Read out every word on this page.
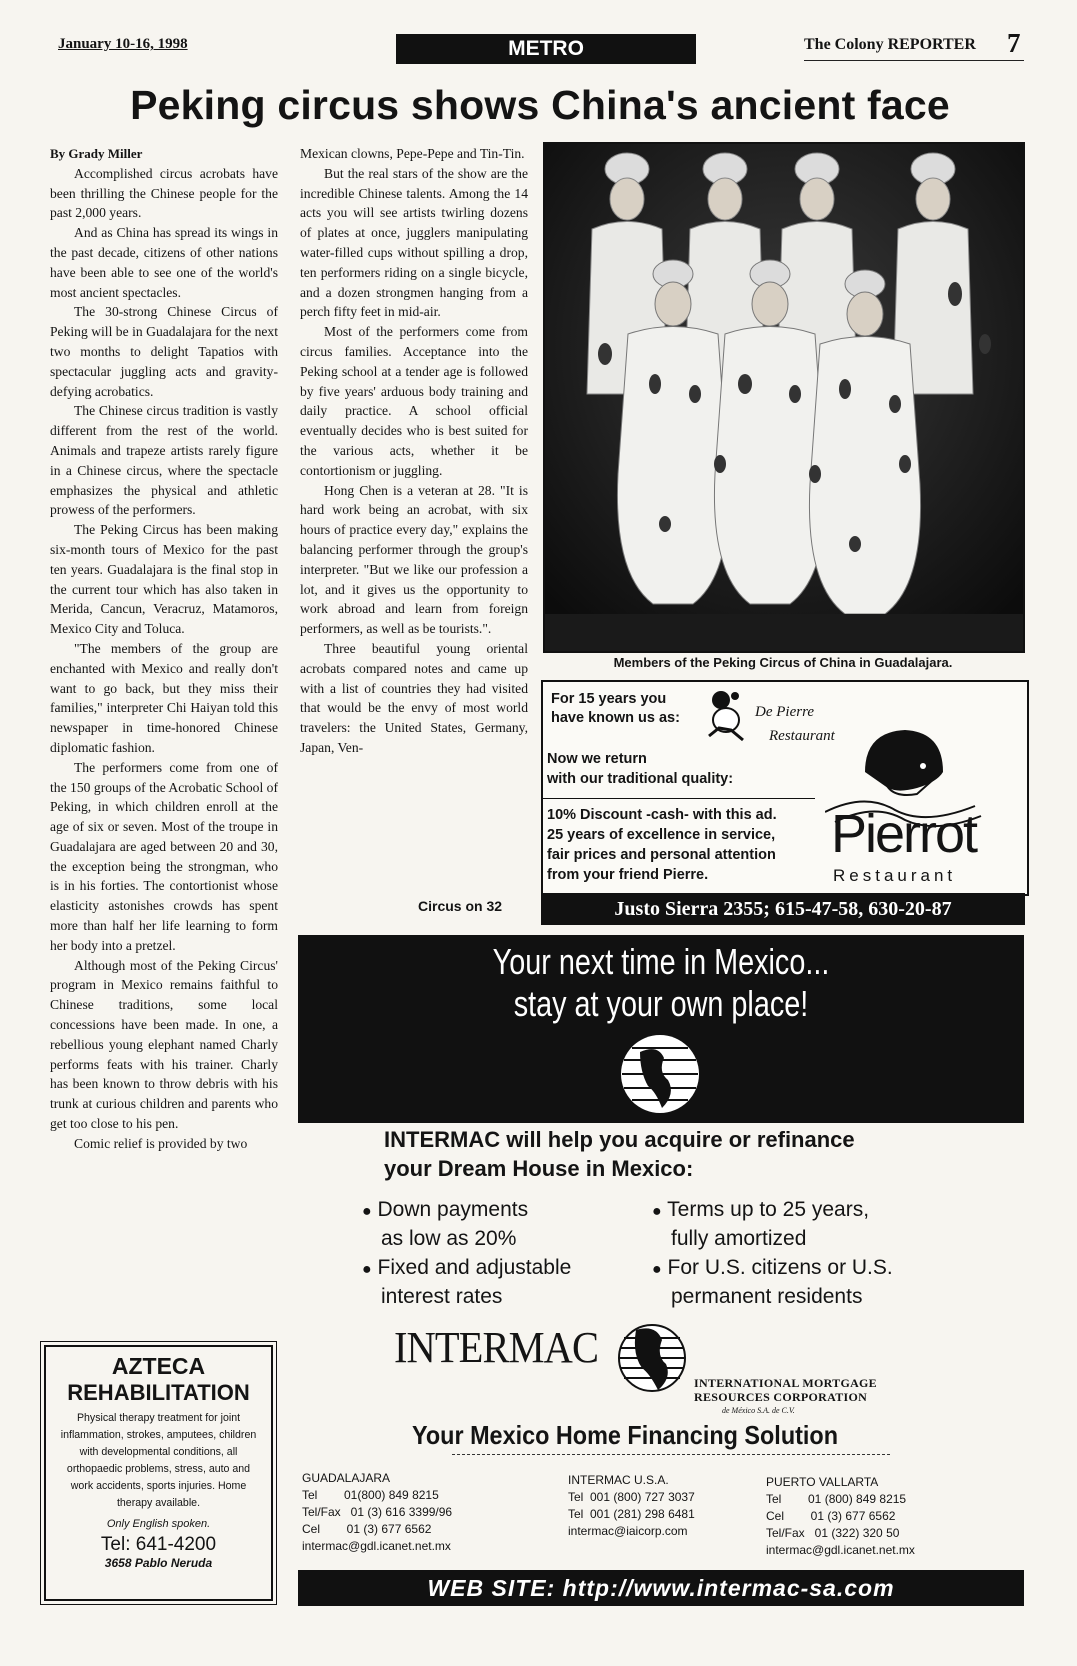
January 10-16, 1998	METRO	The Colony REPORTER 7
Peking circus shows China's ancient face

By Grady Miller

Accomplished circus acrobats have been thrilling the Chinese people for the past 2,000 years.

And as China has spread its wings in the past decade, citizens of other nations have been able to see one of the world's most ancient spectacles.

The 30-strong Chinese Circus of Peking will be in Guadalajara for the next two months to delight Tapatios with spectacular juggling acts and gravity-defying acrobatics.

The Chinese circus tradition is vastly different from the rest of the world. Animals and trapeze artists rarely figure in a Chinese circus, where the spectacle emphasizes the physical and athletic prowess of the performers.

The Peking Circus has been making six-month tours of Mexico for the past ten years. Guadalajara is the final stop in the current tour which has also taken in Merida, Cancun, Veracruz, Matamoros, Mexico City and Toluca.

"The members of the group are enchanted with Mexico and really don't want to go back, but they miss their families," interpreter Chi Haiyan told this newspaper in time-honored Chinese diplomatic fashion.

The performers come from one of the 150 groups of the Acrobatic School of Peking, in which children enroll at the age of six or seven. Most of the troupe in Guadalajara are aged between 20 and 30, the exception being the strongman, who is in his forties. The contortionist whose elasticity astonishes crowds has spent more than half her life learning to form her body into a pretzel.

Although most of the Peking Circus' program in Mexico remains faithful to Chinese traditions, some local concessions have been made. In one, a rebellious young elephant named Charly performs feats with his trainer. Charly has been known to throw debris with his trunk at curious children and parents who get too close to his pen.

Comic relief is provided by two

Mexican clowns, Pepe-Pepe and Tin-Tin.

But the real stars of the show are the incredible Chinese talents. Among the 14 acts you will see artists twirling dozens of plates at once, jugglers manipulating water-filled cups without spilling a drop, ten performers riding on a single bicycle, and a dozen strongmen hanging from a perch fifty feet in mid-air.

Most of the performers come from circus families. Acceptance into the Peking school at a tender age is followed by five years' arduous body training and daily practice. A school official eventually decides who is best suited for the various acts, whether it be contortionism or juggling.

Hong Chen is a veteran at 28. "It is hard work being an acrobat, with six hours of practice every day," explains the balancing performer through the group's interpreter. "But we like our profession a lot, and it gives us the opportunity to work abroad and learn from foreign performers, as well as be tourists.".

Three beautiful young oriental acrobats compared notes and came up with a list of countries they had visited that would be the envy of most world travelers: the United States, Germany, Japan, Ven-

Circus on 32
Members of the Peking Circus of China in Guadalajara.
For 15 years you
have known us as:	De Pierre
Restaurant
Now we return
with our traditional quality:
10% Discount -cash- with this ad.
25 years of excellence in service,
fair prices and personal attention
from your friend Pierre.
Pierrot
Restaurant
Justo Sierra 2355; 615-47-58, 630-20-87
AZTECA
REHABILITATION
Physical therapy treatment for joint inflammation, strokes, amputees, children with developmental conditions, all orthopaedic problems, stress, auto and work accidents, sports injuries. Home therapy available.
Only English spoken.
Tel: 641-4200
3658 Pablo Neruda
Your next time in Mexico...
stay at your own place!
INTERMAC will help you acquire or refinance
your Dream House in Mexico:
● Down payments
as low as 20%
● Fixed and adjustable
interest rates
● Terms up to 25 years,
fully amortized
● For U.S. citizens or U.S.
permanent residents
INTERMAC
INTERNATIONAL MORTGAGE
RESOURCES CORPORATION
de México S.A. de C.V.
Your Mexico Home Financing Solution
GUADALAJARA
Tel        01(800) 849 8215
Tel/Fax   01 (3) 616 3399/96
Cel        01 (3) 677 6562
intermac@gdl.icanet.net.mx
INTERMAC U.S.A.
Tel  001 (800) 727 3037
Tel  001 (281) 298 6481
intermac@iaicorp.com
PUERTO VALLARTA
Tel        01 (800) 849 8215
Cel        01 (3) 677 6562
Tel/Fax   01 (322) 320 50
intermac@gdl.icanet.net.mx
WEB SITE: http://www.intermac-sa.com
